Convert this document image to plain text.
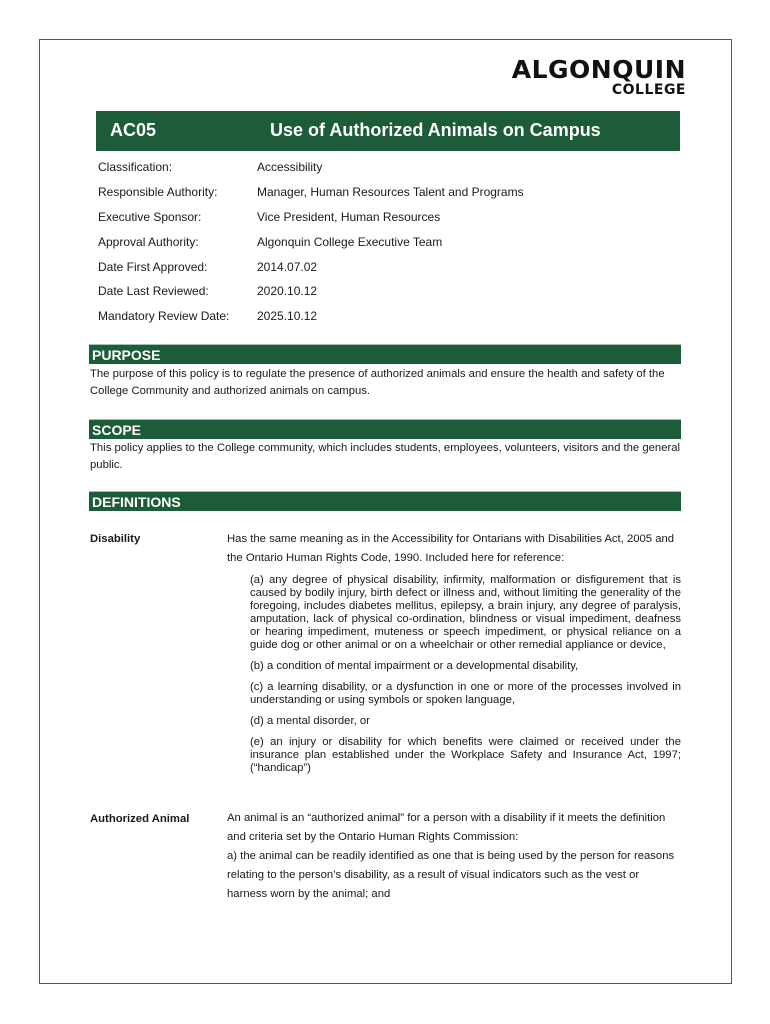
ALGONQUIN
COLLEGE
AC05	Use of Authorized Animals on Campus
Classification:	Accessibility
Responsible Authority:	Manager, Human Resources Talent and Programs
Executive Sponsor:	Vice President, Human Resources
Approval Authority:	Algonquin College Executive Team
Date First Approved:	2014.07.02
Date Last Reviewed:	2020.10.12
Mandatory Review Date:	2025.10.12
PURPOSE
The purpose of this policy is to regulate the presence of authorized animals and ensure the health and safety of the College Community and authorized animals on campus.
SCOPE
This policy applies to the College community, which includes students, employees, volunteers, visitors and the general public.
DEFINITIONS
Disability	Has the same meaning as in the Accessibility for Ontarians with Disabilities Act, 2005 and the Ontario Human Rights Code, 1990. Included here for reference:

(a) any degree of physical disability, infirmity, malformation or disfigurement that is caused by bodily injury, birth defect or illness and, without limiting the generality of the foregoing, includes diabetes mellitus, epilepsy, a brain injury, any degree of paralysis, amputation, lack of physical co-ordination, blindness or visual impediment, deafness or hearing impediment, muteness or speech impediment, or physical reliance on a guide dog or other animal or on a wheelchair or other remedial appliance or device,

(b) a condition of mental impairment or a developmental disability,

(c) a learning disability, or a dysfunction in one or more of the processes involved in understanding or using symbols or spoken language,

(d) a mental disorder, or

(e) an injury or disability for which benefits were claimed or received under the insurance plan established under the Workplace Safety and Insurance Act, 1997; (“handicap”)

Authorized Animal	An animal is an “authorized animal” for a person with a disability if it meets the definition and criteria set by the Ontario Human Rights Commission:
a) the animal can be readily identified as one that is being used by the person for reasons relating to the person’s disability, as a result of visual indicators such as the vest or harness worn by the animal; and
